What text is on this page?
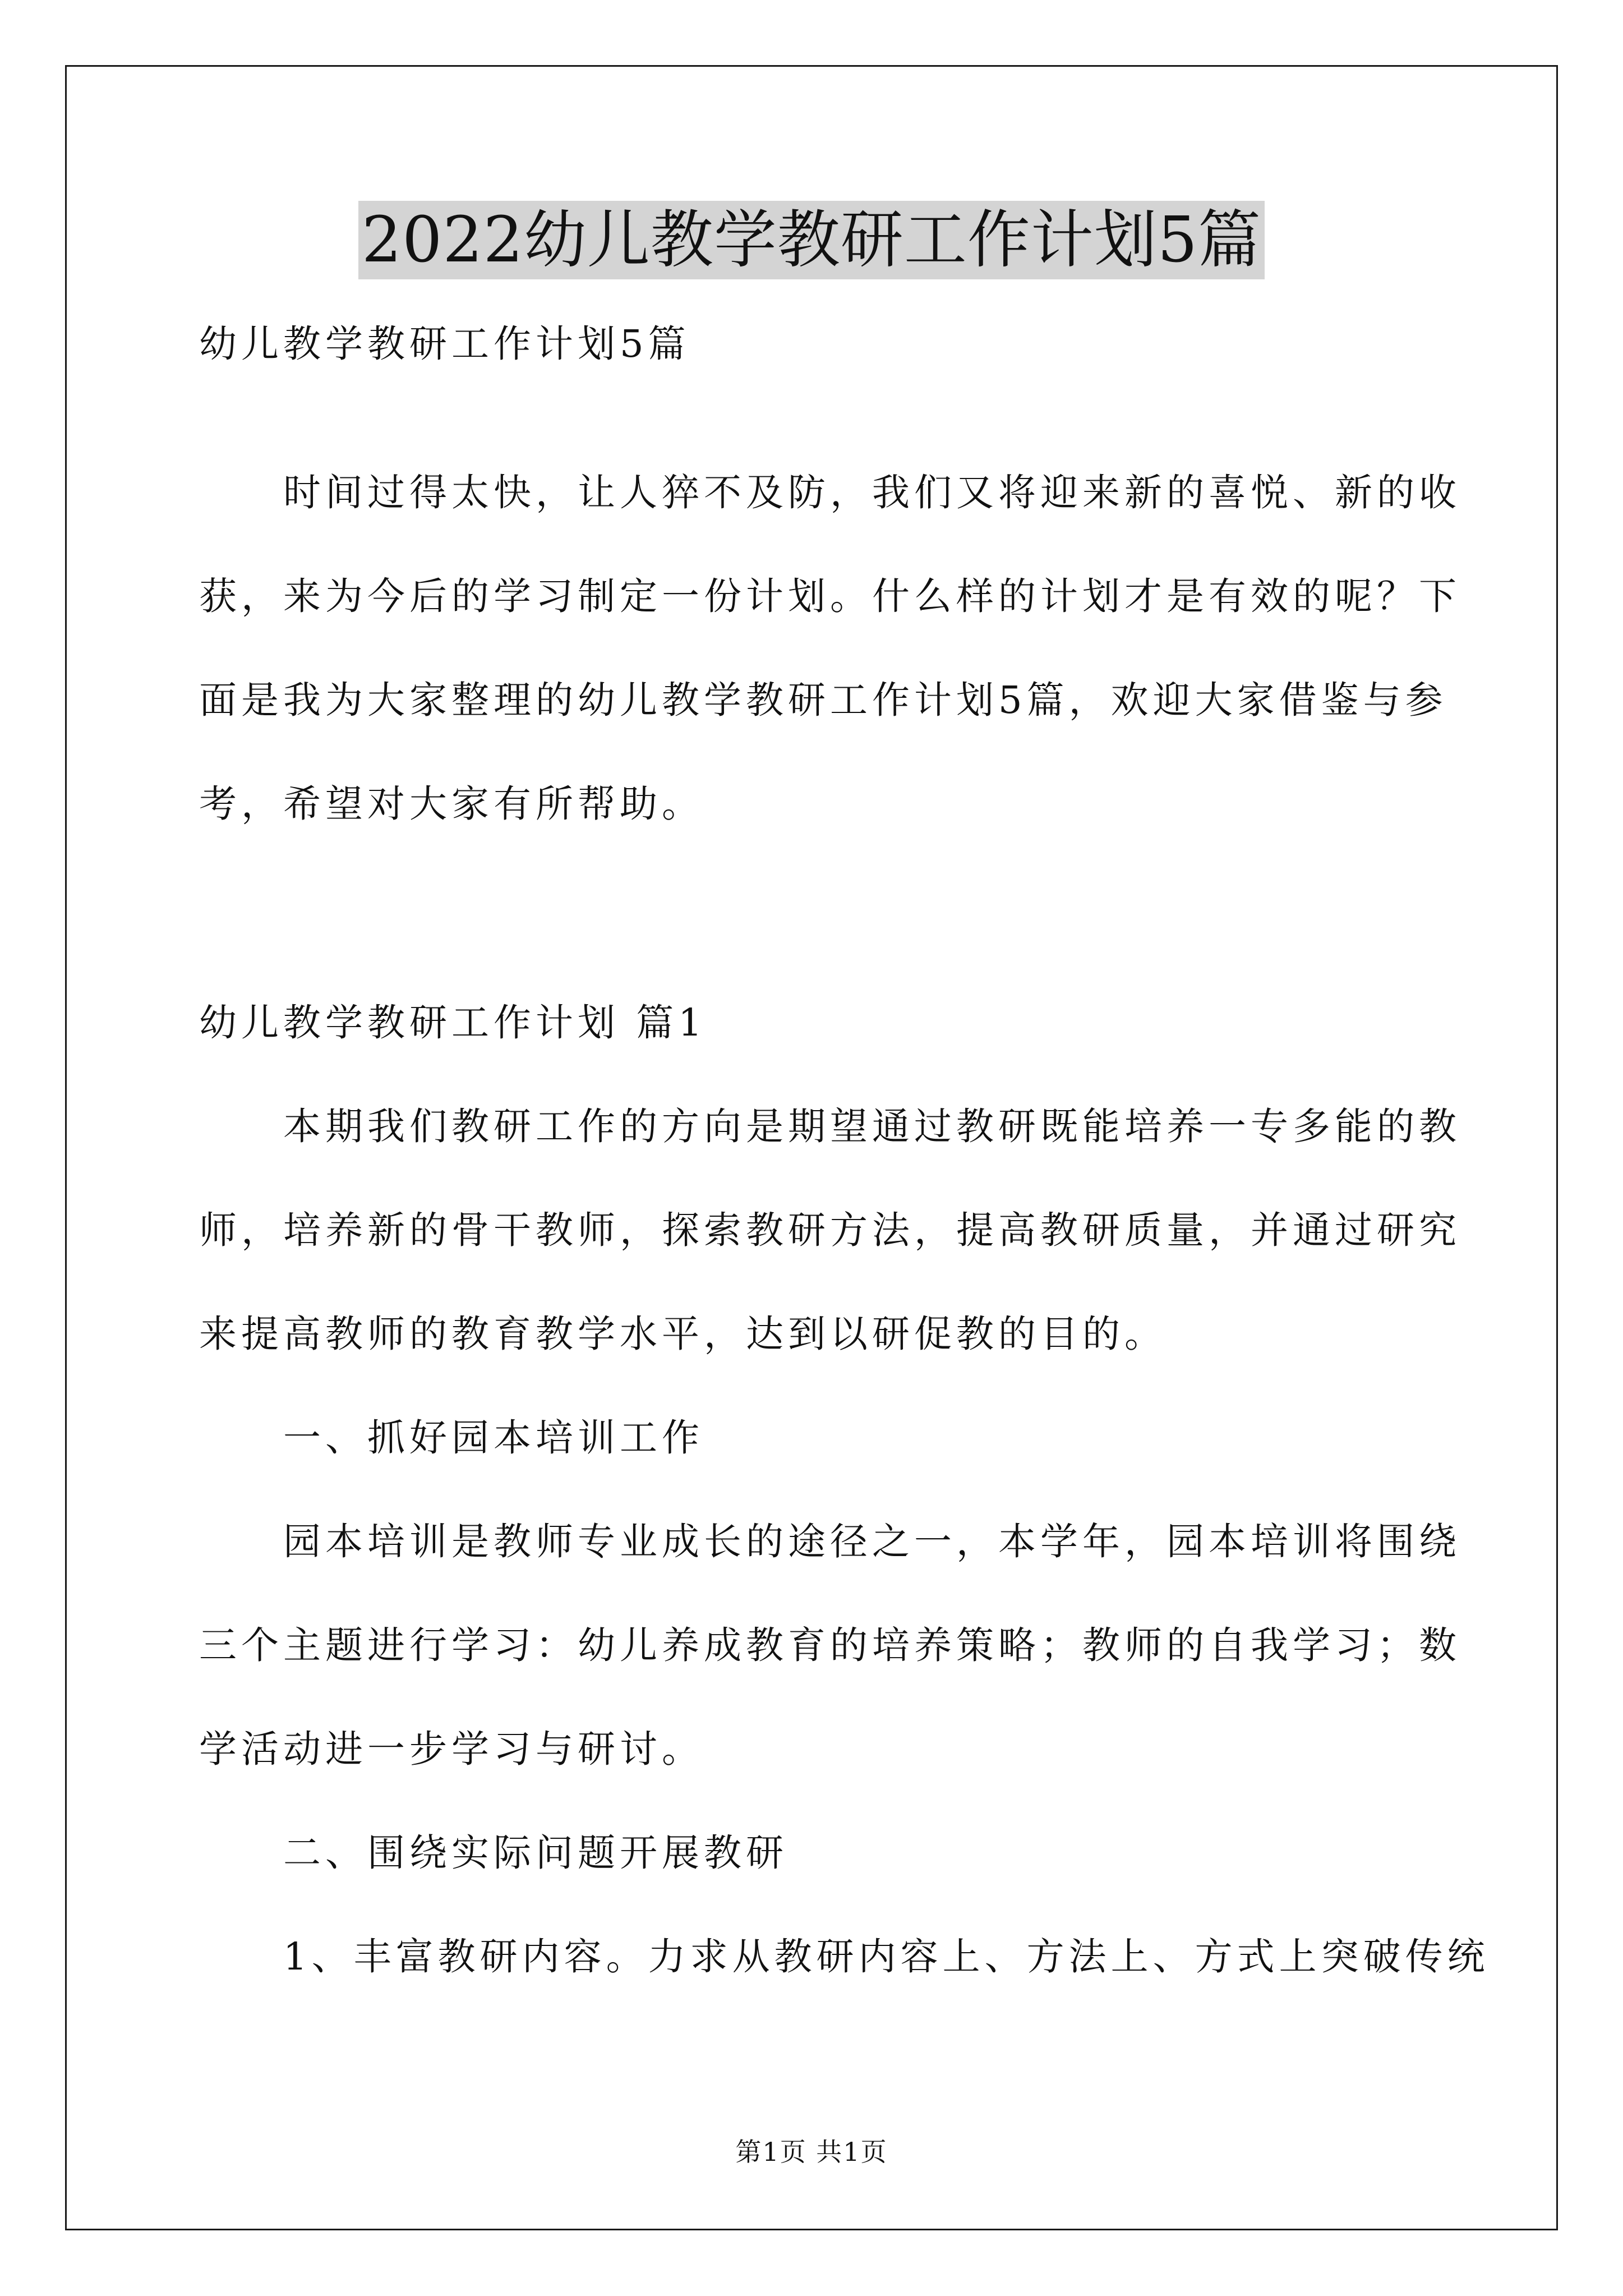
2022幼儿教学教研工作计划5篇
幼儿教学教研工作计划5篇
时间过得太快，让人猝不及防，我们又将迎来新的喜悦、新的收
获，来为今后的学习制定一份计划。什么样的计划才是有效的呢？下
面是我为大家整理的幼儿教学教研工作计划5篇，欢迎大家借鉴与参
考，希望对大家有所帮助。
幼儿教学教研工作计划 篇1
本期我们教研工作的方向是期望通过教研既能培养一专多能的教
师，培养新的骨干教师，探索教研方法，提高教研质量，并通过研究
来提高教师的教育教学水平，达到以研促教的目的。
一、抓好园本培训工作
园本培训是教师专业成长的途径之一，本学年，园本培训将围绕
三个主题进行学习：幼儿养成教育的培养策略；教师的自我学习；数
学活动进一步学习与研讨。
二、围绕实际问题开展教研
1、丰富教研内容。力求从教研内容上、方法上、方式上突破传统
第1页 共1页
